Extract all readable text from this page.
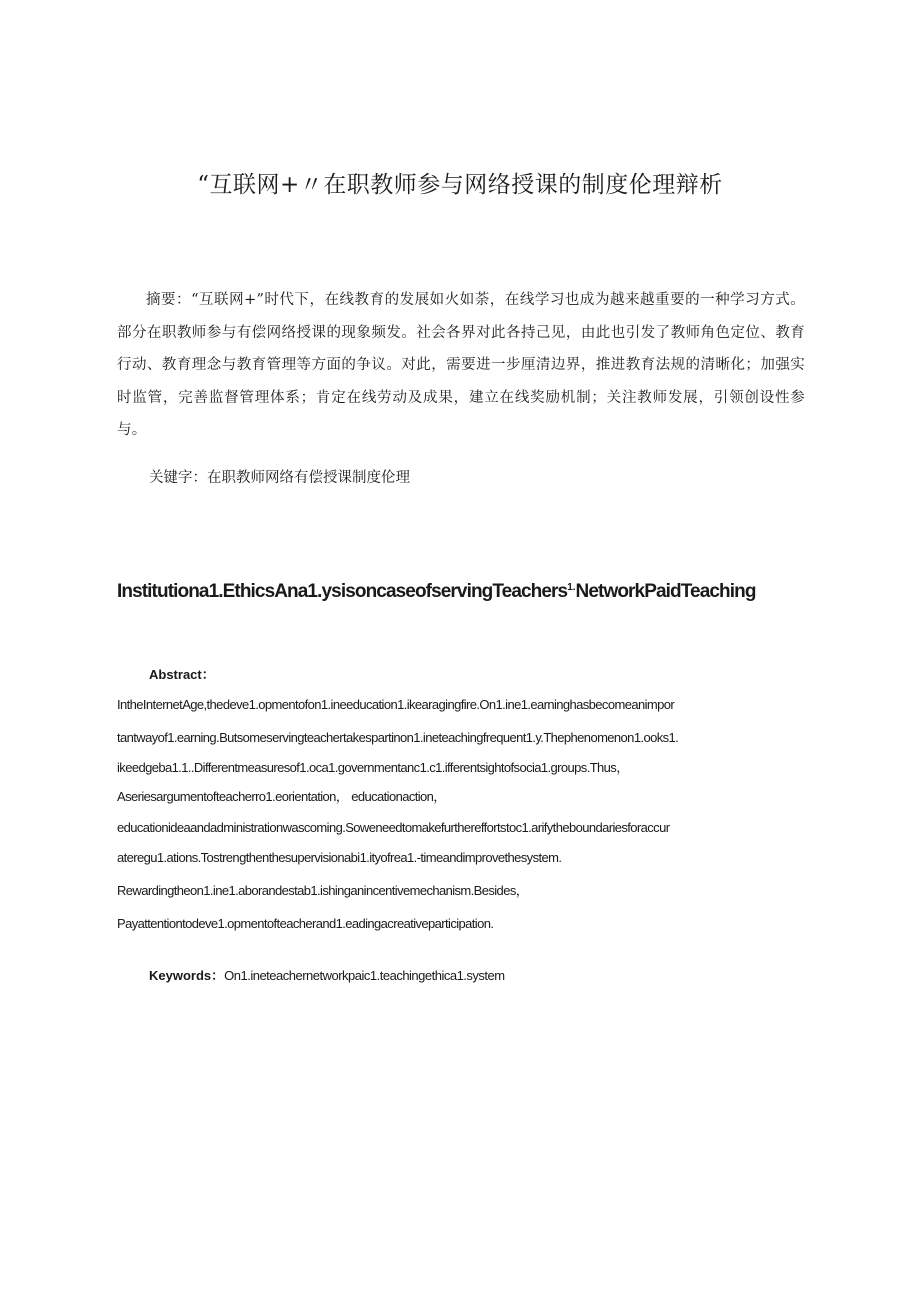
“互联网+〃在职教师参与网络授课的制度伦理辩析
摘要：“互联网+”时代下，在线教育的发展如火如荼，在线学习也成为越来越重要的一种学习方式。部分在职教师参与有偿网络授课的现象频发。社会各界对此各持己见，由此也引发了教师角色定位、教育行动、教育理念与教育管理等方面的争议。对此，需要进一步厘清边界，推进教育法规的清晰化；加强实时监管，完善监督管理体系；肯定在线劳动及成果，建立在线奖励机制；关注教师发展，引领创设性参与。
关键字：在职教师网络有偿授课制度伦理
Institutiona1.EthicsAna1.ysisoncaseofservingTeachers$^{1.}$NetworkPaidTeaching
Abstract：
IntheInternetAge,thedeve1.opmentofon1.ineeducation1.ikearagingfire.On1.ine1.earninghasbecomeanimpor
tantwayof1.earning.Butsomeservingteachertakespartinon1.ineteachingfrequent1.y.Thephenomenon1.ooks1.
ikeedgeba1.1..Differentmeasuresof1.oca1.governmentanc1.c1.ifferentsightofsocia1.groups.Thus，
Aseriesargumentofteacherro1.eorientation， educationaction，
educationideaandadministrationwascoming.Soweneedtomakefurthereffortstoc1.arifytheboundariesforaccur
ateregu1.ations.Tostrengthenthesupervisionabi1.ityofrea1.-timeandimprovethesystem.
Rewardingtheon1.ine1.aborandestab1.ishinganincentivemechanism.Besides，
Payattentiontodeve1.opmentofteacherand1.eadingacreativeparticipation.
Keywords：On1.ineteachernetworkpaic1.teachingethica1.system
